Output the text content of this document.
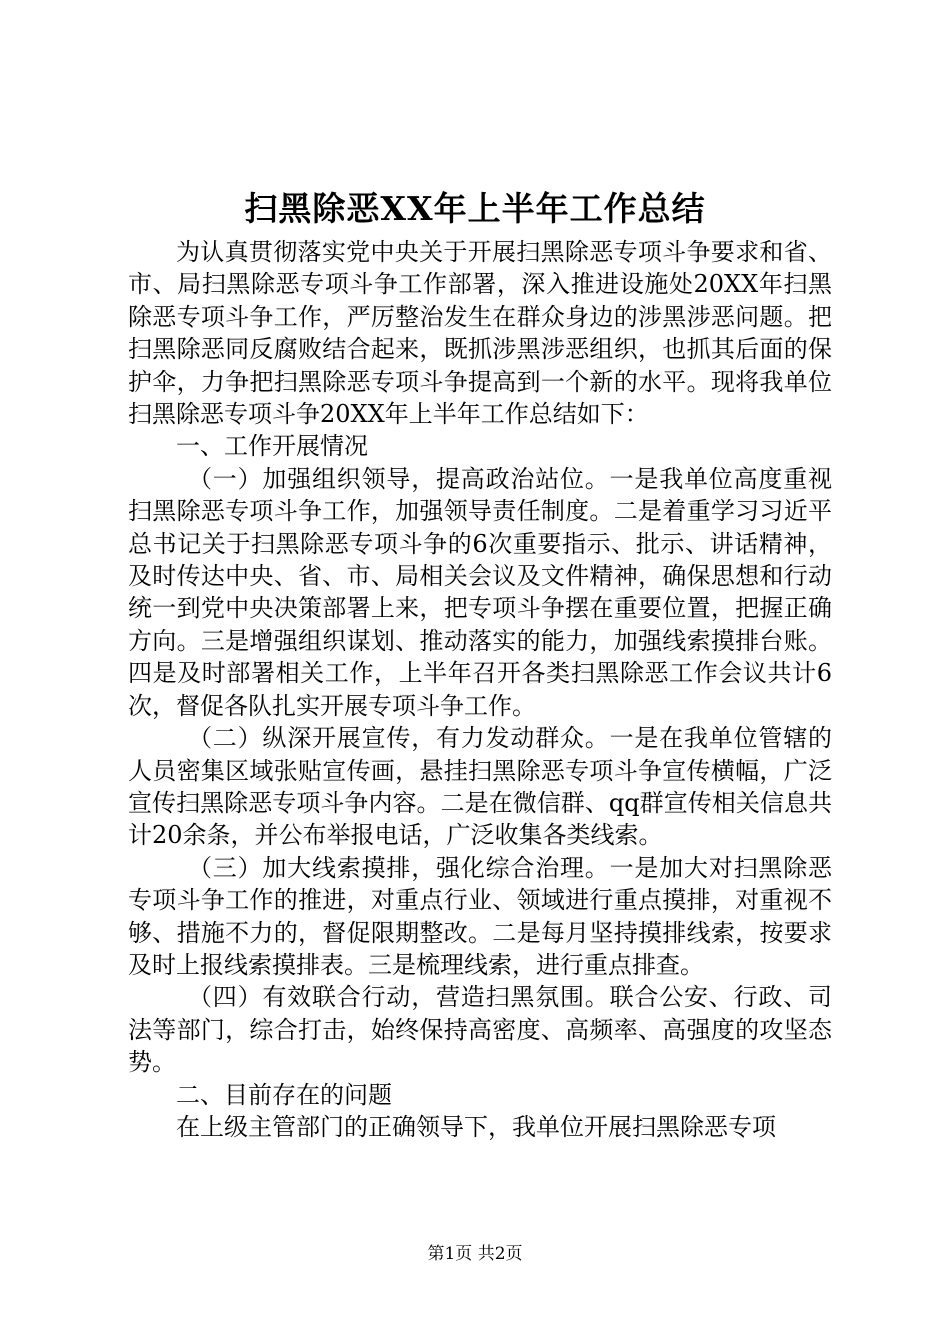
扫黑除恶XX年上半年工作总结

为认真贯彻落实党中央关于开展扫黑除恶专项斗争要求和省、市、局扫黑除恶专项斗争工作部署，深入推进设施处20XX年扫黑除恶专项斗争工作，严厉整治发生在群众身边的涉黑涉恶问题。把扫黑除恶同反腐败结合起来，既抓涉黑涉恶组织，也抓其后面的保护伞，力争把扫黑除恶专项斗争提高到一个新的水平。现将我单位扫黑除恶专项斗争20XX年上半年工作总结如下：

一、工作开展情况

（一）加强组织领导，提高政治站位。一是我单位高度重视扫黑除恶专项斗争工作，加强领导责任制度。二是着重学习习近平总书记关于扫黑除恶专项斗争的6次重要指示、批示、讲话精神，及时传达中央、省、市、局相关会议及文件精神，确保思想和行动统一到党中央决策部署上来，把专项斗争摆在重要位置，把握正确方向。三是增强组织谋划、推动落实的能力，加强线索摸排台账。四是及时部署相关工作，上半年召开各类扫黑除恶工作会议共计6次，督促各队扎实开展专项斗争工作。

（二）纵深开展宣传，有力发动群众。一是在我单位管辖的人员密集区域张贴宣传画，悬挂扫黑除恶专项斗争宣传横幅，广泛宣传扫黑除恶专项斗争内容。二是在微信群、qq群宣传相关信息共计20余条，并公布举报电话，广泛收集各类线索。

（三）加大线索摸排，强化综合治理。一是加大对扫黑除恶专项斗争工作的推进，对重点行业、领域进行重点摸排，对重视不够、措施不力的，督促限期整改。二是每月坚持摸排线索，按要求及时上报线索摸排表。三是梳理线索，进行重点排查。

（四）有效联合行动，营造扫黑氛围。联合公安、行政、司法等部门，综合打击，始终保持高密度、高频率、高强度的攻坚态势。

二、目前存在的问题

在上级主管部门的正确领导下，我单位开展扫黑除恶专项

第1页 共2页
